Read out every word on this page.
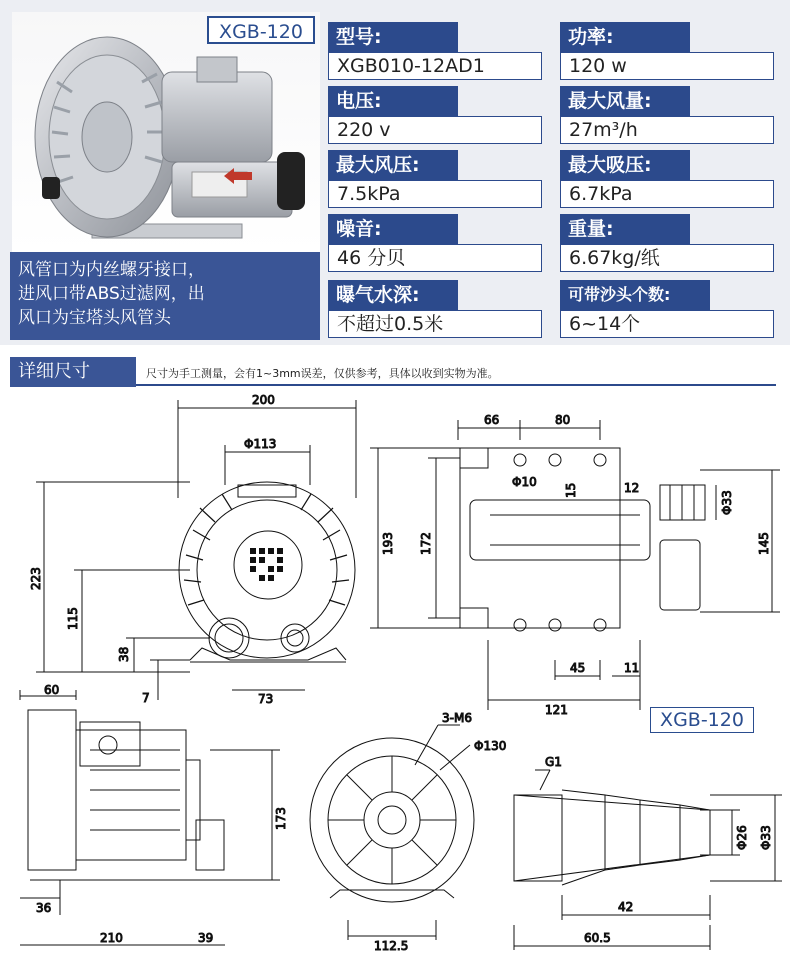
XGB-120
风管口为内丝螺牙接口，
进风口带ABS过滤网，出
风口为宝塔头风管头
型号:
XGB010-12AD1
功率:
120 w
电压:
220 v
最大风量:
27m³/h
最大风压:
7.5kPa
最大吸压:
6.7kPa
噪音:
46 分贝
重量:
6.67kg/纸
曝气水深:
不超过0.5米
可带沙头个数:
6~14个
详细尺寸	尺寸为手工测量，会有1~3mm误差，仅供参考，具体以收到实物为准。
200
Φ113
223
115
38
7	73
66	80
Φ10
15	12
193 172
Φ33
145
45	11
121
60
173
36
210	39
3-M6
Φ130
112.5
G1
Φ26 Φ33
42
60.5
XGB-120
